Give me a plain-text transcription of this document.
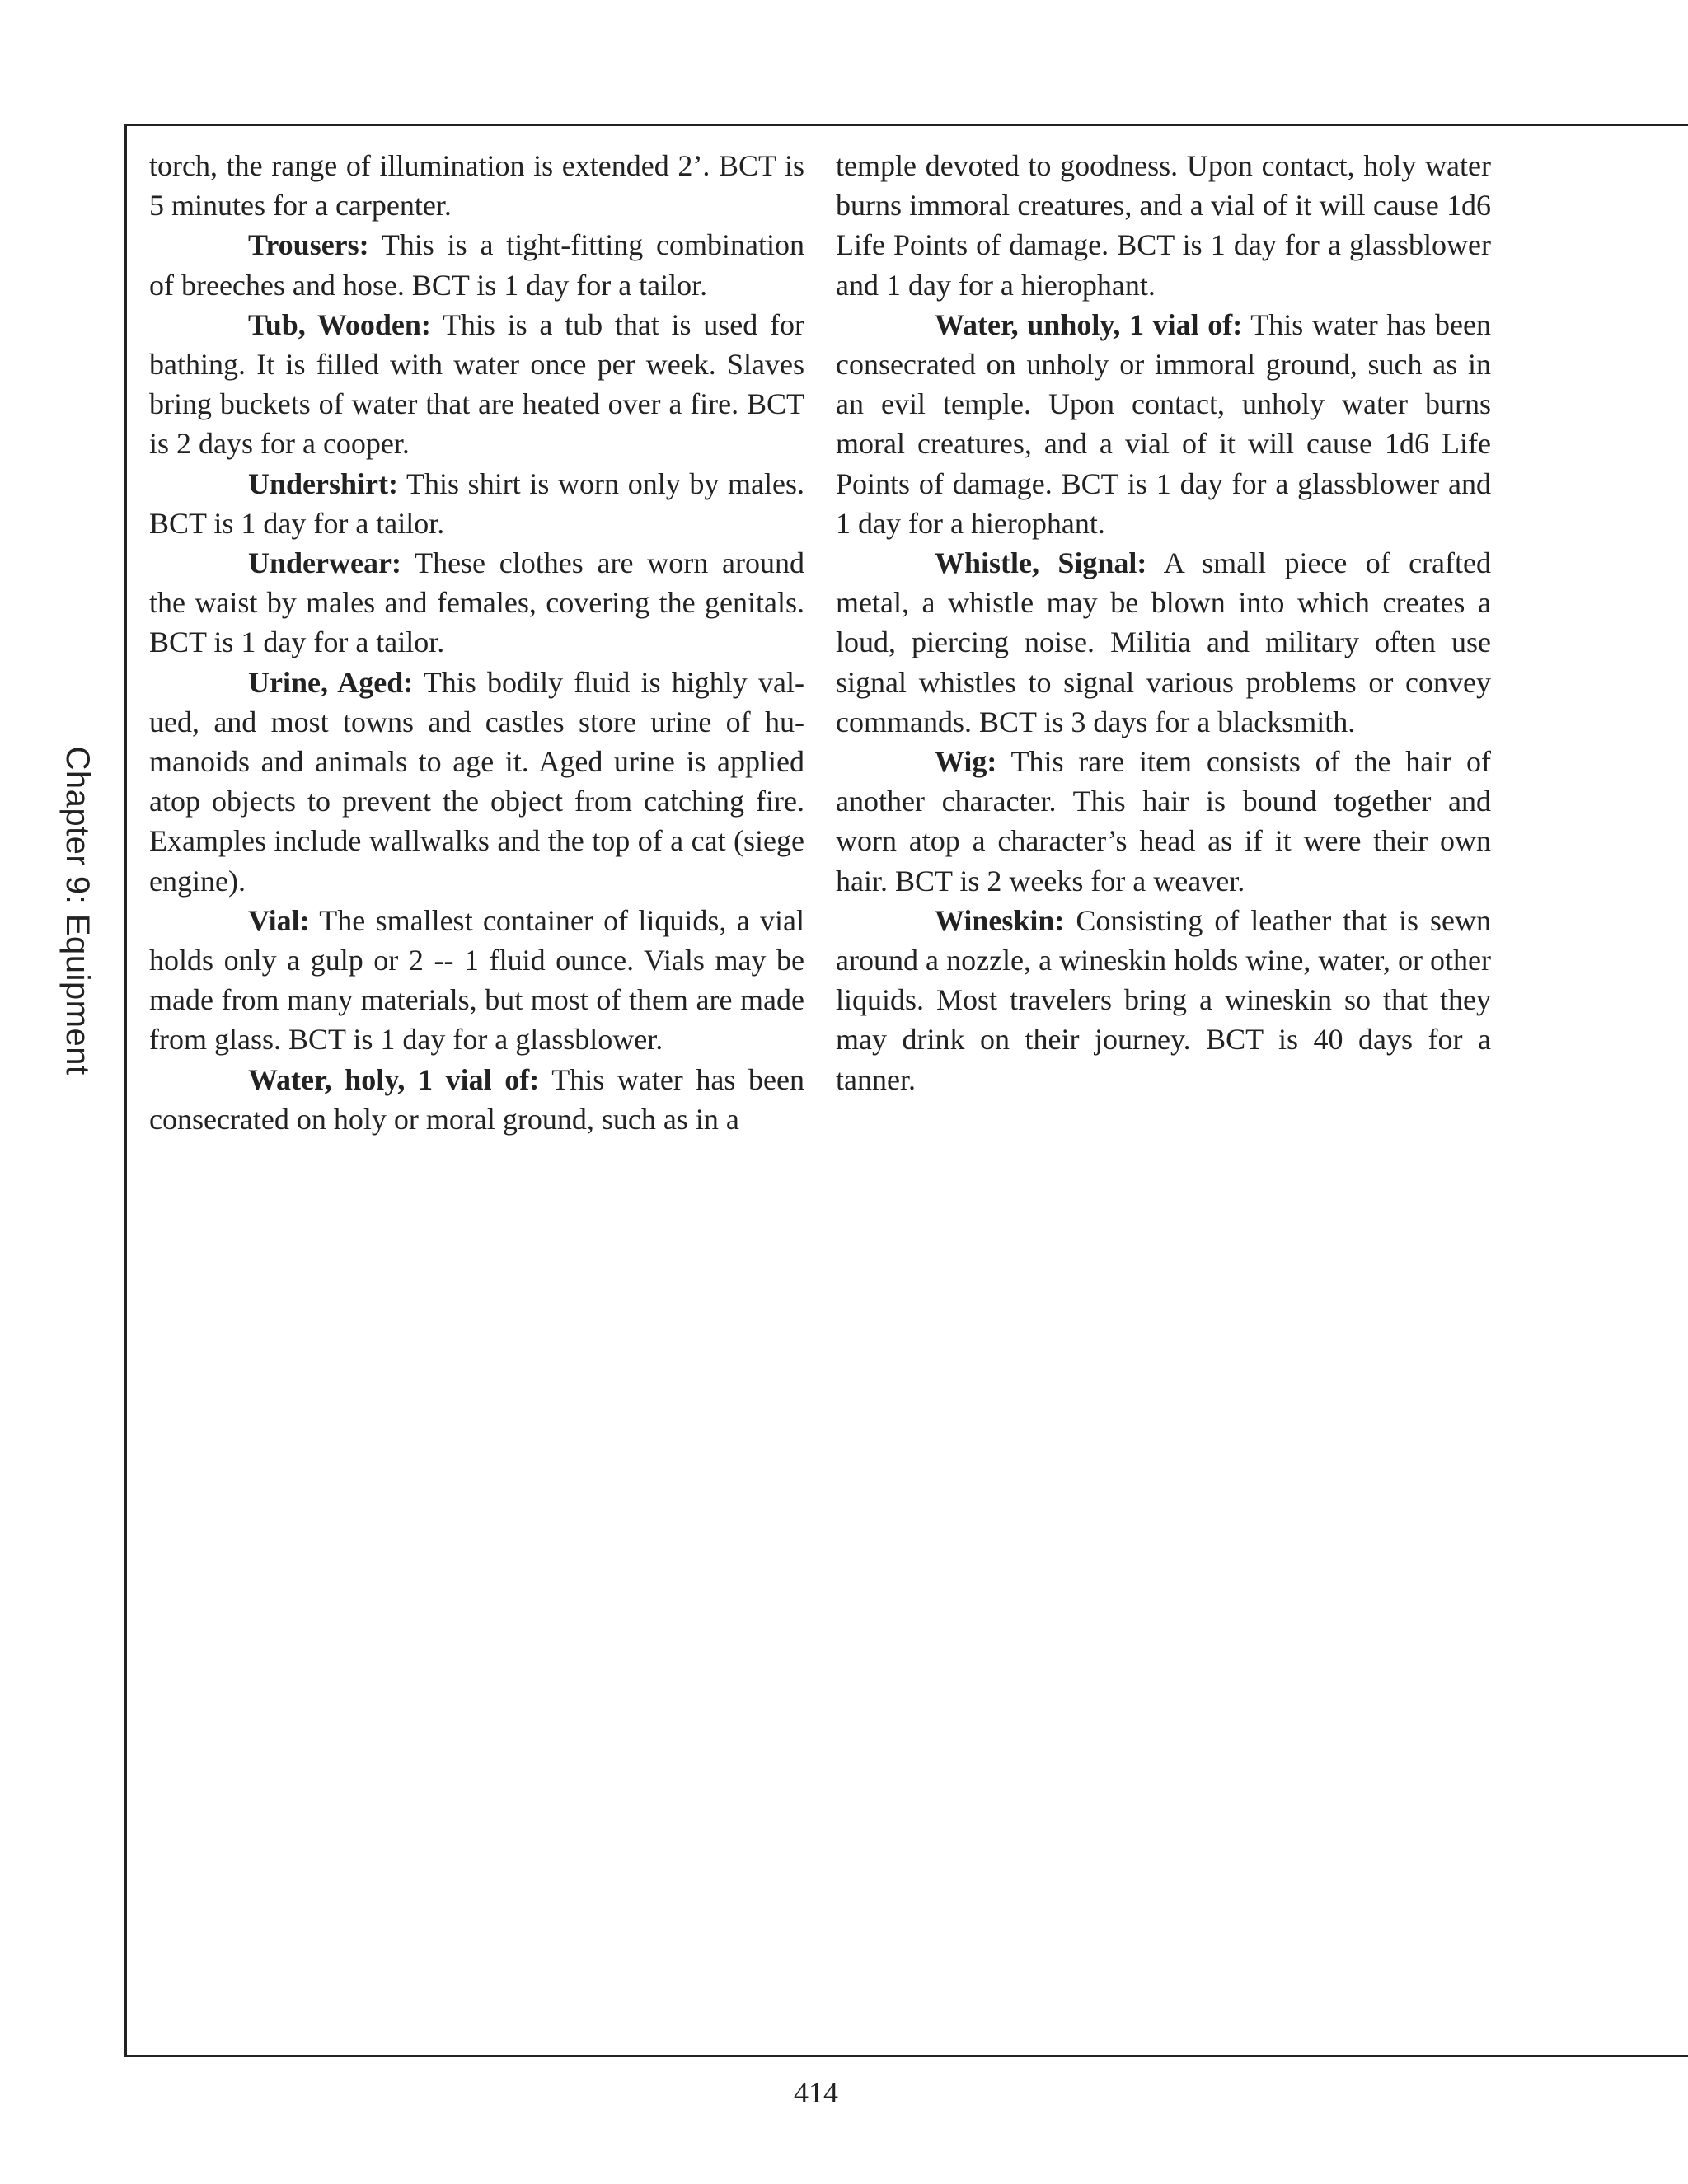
Chapter 9: Equipment

torch, the range of illumination is extended 2’. BCT is 5 minutes for a carpenter.

Trousers: This is a tight-fitting combination of breeches and hose. BCT is 1 day for a tailor.

Tub, Wooden: This is a tub that is used for bathing. It is filled with water once per week. Slaves bring buckets of water that are heated over a fire. BCT is 2 days for a cooper.

Undershirt: This shirt is worn only by males. BCT is 1 day for a tailor.

Underwear: These clothes are worn around the waist by males and females, covering the genitals. BCT is 1 day for a tailor.

Urine, Aged: This bodily fluid is highly valued, and most towns and castles store urine of humanoids and animals to age it. Aged urine is applied atop objects to prevent the object from catching fire. Examples include wallwalks and the top of a cat (siege engine).

Vial: The smallest container of liquids, a vial holds only a gulp or 2 -- 1 fluid ounce. Vials may be made from many materials, but most of them are made from glass. BCT is 1 day for a glassblower.

Water, holy, 1 vial of: This water has been consecrated on holy or moral ground, such as in a

temple devoted to goodness. Upon contact, holy water burns immoral creatures, and a vial of it will cause 1d6 Life Points of damage. BCT is 1 day for a glassblower and 1 day for a hierophant.

Water, unholy, 1 vial of: This water has been consecrated on unholy or immoral ground, such as in an evil temple. Upon contact, unholy water burns moral creatures, and a vial of it will cause 1d6 Life Points of damage. BCT is 1 day for a glassblower and 1 day for a hierophant.

Whistle, Signal: A small piece of crafted metal, a whistle may be blown into which creates a loud, piercing noise. Militia and military often use signal whistles to signal various problems or convey commands. BCT is 3 days for a blacksmith.

Wig: This rare item consists of the hair of another character. This hair is bound together and worn atop a character’s head as if it were their own hair. BCT is 2 weeks for a weaver.

Wineskin: Consisting of leather that is sewn around a nozzle, a wineskin holds wine, water, or other liquids. Most travelers bring a wineskin so that they may drink on their journey. BCT is 40 days for a tanner.

414
